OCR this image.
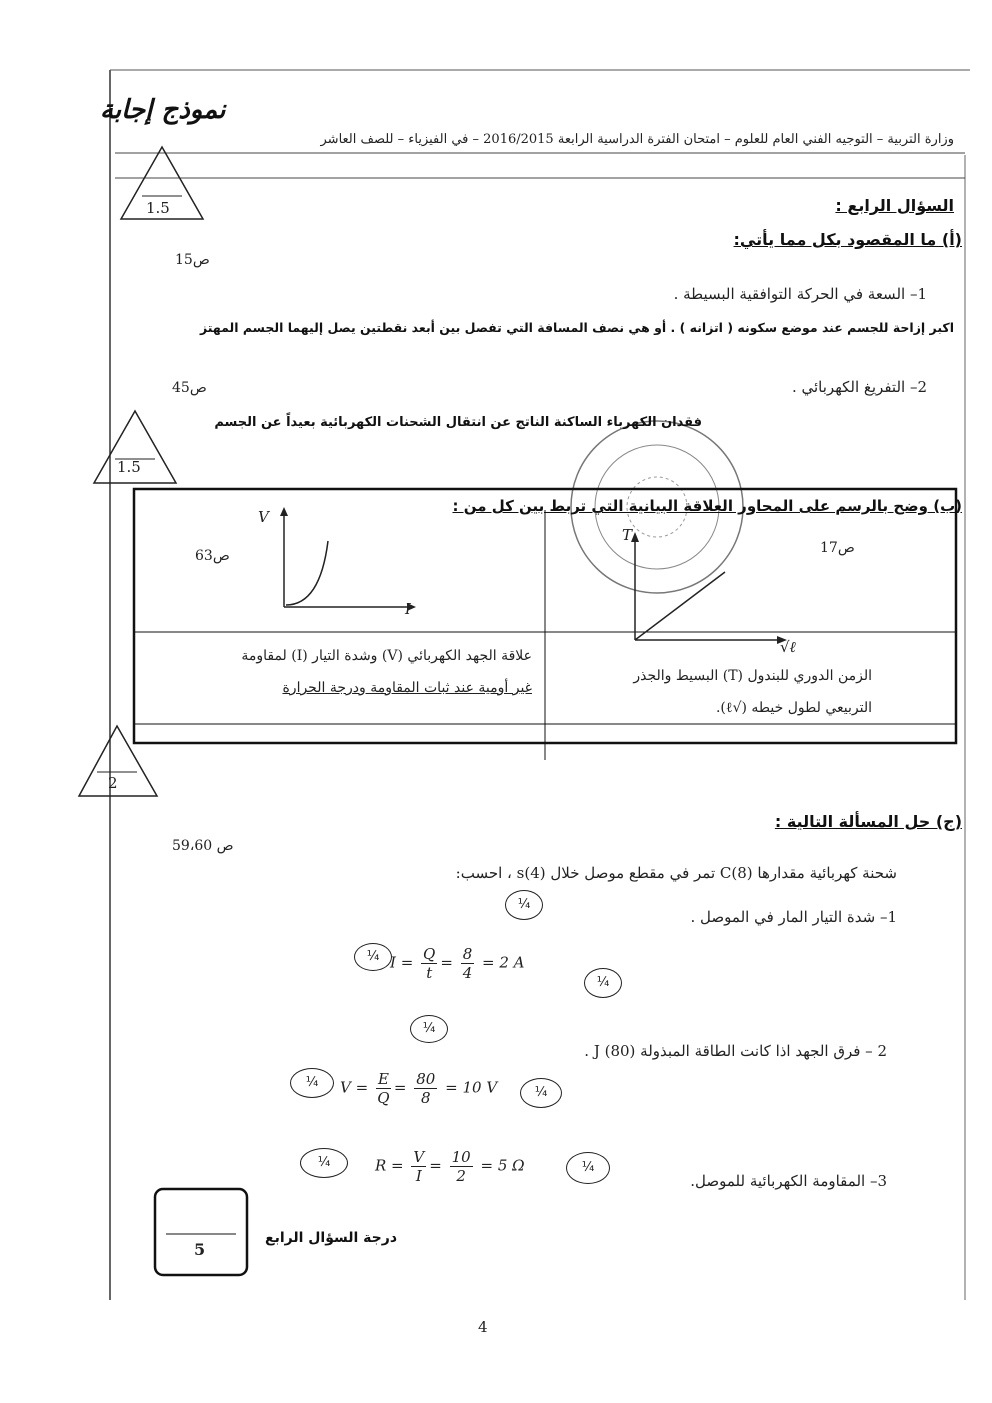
نموذج إجابة
وزارة التربية – التوجيه الفني العام للعلوم – امتحان الفترة الدراسية الرابعة 2016/2015 – في الفيزياء – للصف العاشر
1.5
1.5
2
السؤال الرابع :
(أ) ما المقصود بكل مما يأتي:
ص15
1– السعة في الحركة التوافقية البسيطة .
اكبر إزاحة للجسم عند موضع سكونه ( اتزانه ) . أو هي نصف المسافة التي تفصل بين أبعد نقطتين يصل إليهما الجسم المهتز
ص45	2– التفريغ الكهربائي .
فقدان الكهرباء الساكنة الناتج عن انتقال الشحنات الكهربائية بعيداً عن الجسم
(ب) وضح بالرسم على المحاور العلاقة البيانية التي تربط بين كل من :
V
I
ص63
T
√ℓ
ص17
علاقة الجهد الكهربائي (V) وشدة التيار (I) لمقاومة
غير أومية عند ثبات المقاومة ودرجة الحرارة
الزمن الدوري للبندول (T) البسيط والجذر
التربيعي لطول خيطه (√ℓ).
(ج) حل المسألة التالية :
ص 59،60
شحنة كهربائية مقدارها C(8) تمر في مقطع موصل خلال s(4) ، احسب:
1– شدة التيار المار في الموصل .
$I = \frac{Q}{t} = \frac{8}{4} = 2$ A
¼
¼
¼
2 – فرق الجهد اذا كانت الطاقة المبذولة J (80) .
$V = \frac{E}{Q} = \frac{80}{8} = 10$ V
¼
¼
¼
3– المقاومة الكهربائية للموصل.
$R = \frac{V}{I} = \frac{10}{2} = 5$ Ω
¼	¼
5
درجة السؤال الرابع
4
